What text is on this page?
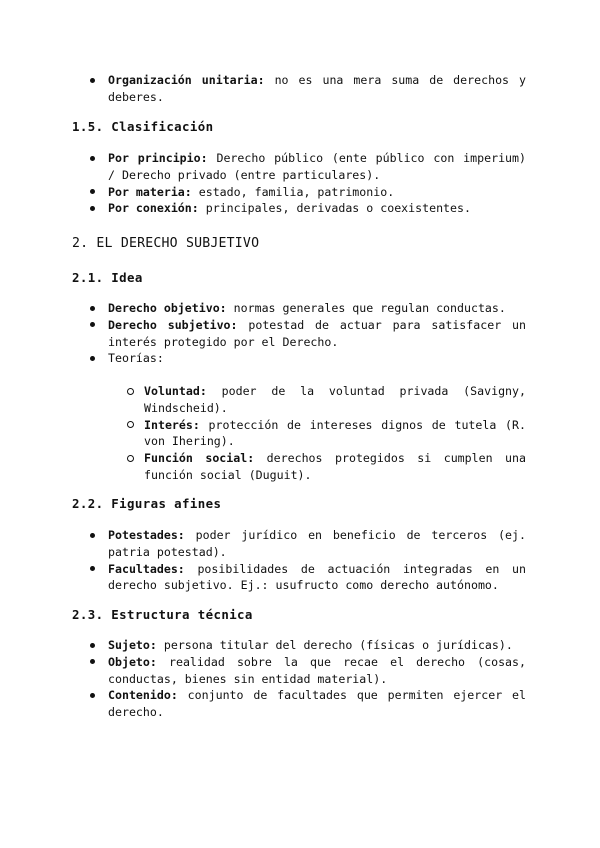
Organización unitaria: no es una mera suma de derechos y deberes.
1.5. Clasificación
Por principio: Derecho público (ente público con imperium) / Derecho privado (entre particulares).
Por materia: estado, familia, patrimonio.
Por conexión: principales, derivadas o coexistentes.
2. EL DERECHO SUBJETIVO
2.1. Idea
Derecho objetivo: normas generales que regulan conductas.
Derecho subjetivo: potestad de actuar para satisfacer un interés protegido por el Derecho.
Teorías:
Voluntad: poder de la voluntad privada (Savigny, Windscheid).
Interés: protección de intereses dignos de tutela (R. von Ihering).
Función social: derechos protegidos si cumplen una función social (Duguit).
2.2. Figuras afines
Potestades: poder jurídico en beneficio de terceros (ej. patria potestad).
Facultades: posibilidades de actuación integradas en un derecho subjetivo. Ej.: usufructo como derecho autónomo.
2.3. Estructura técnica
Sujeto: persona titular del derecho (físicas o jurídicas).
Objeto: realidad sobre la que recae el derecho (cosas, conductas, bienes sin entidad material).
Contenido: conjunto de facultades que permiten ejercer el derecho.
